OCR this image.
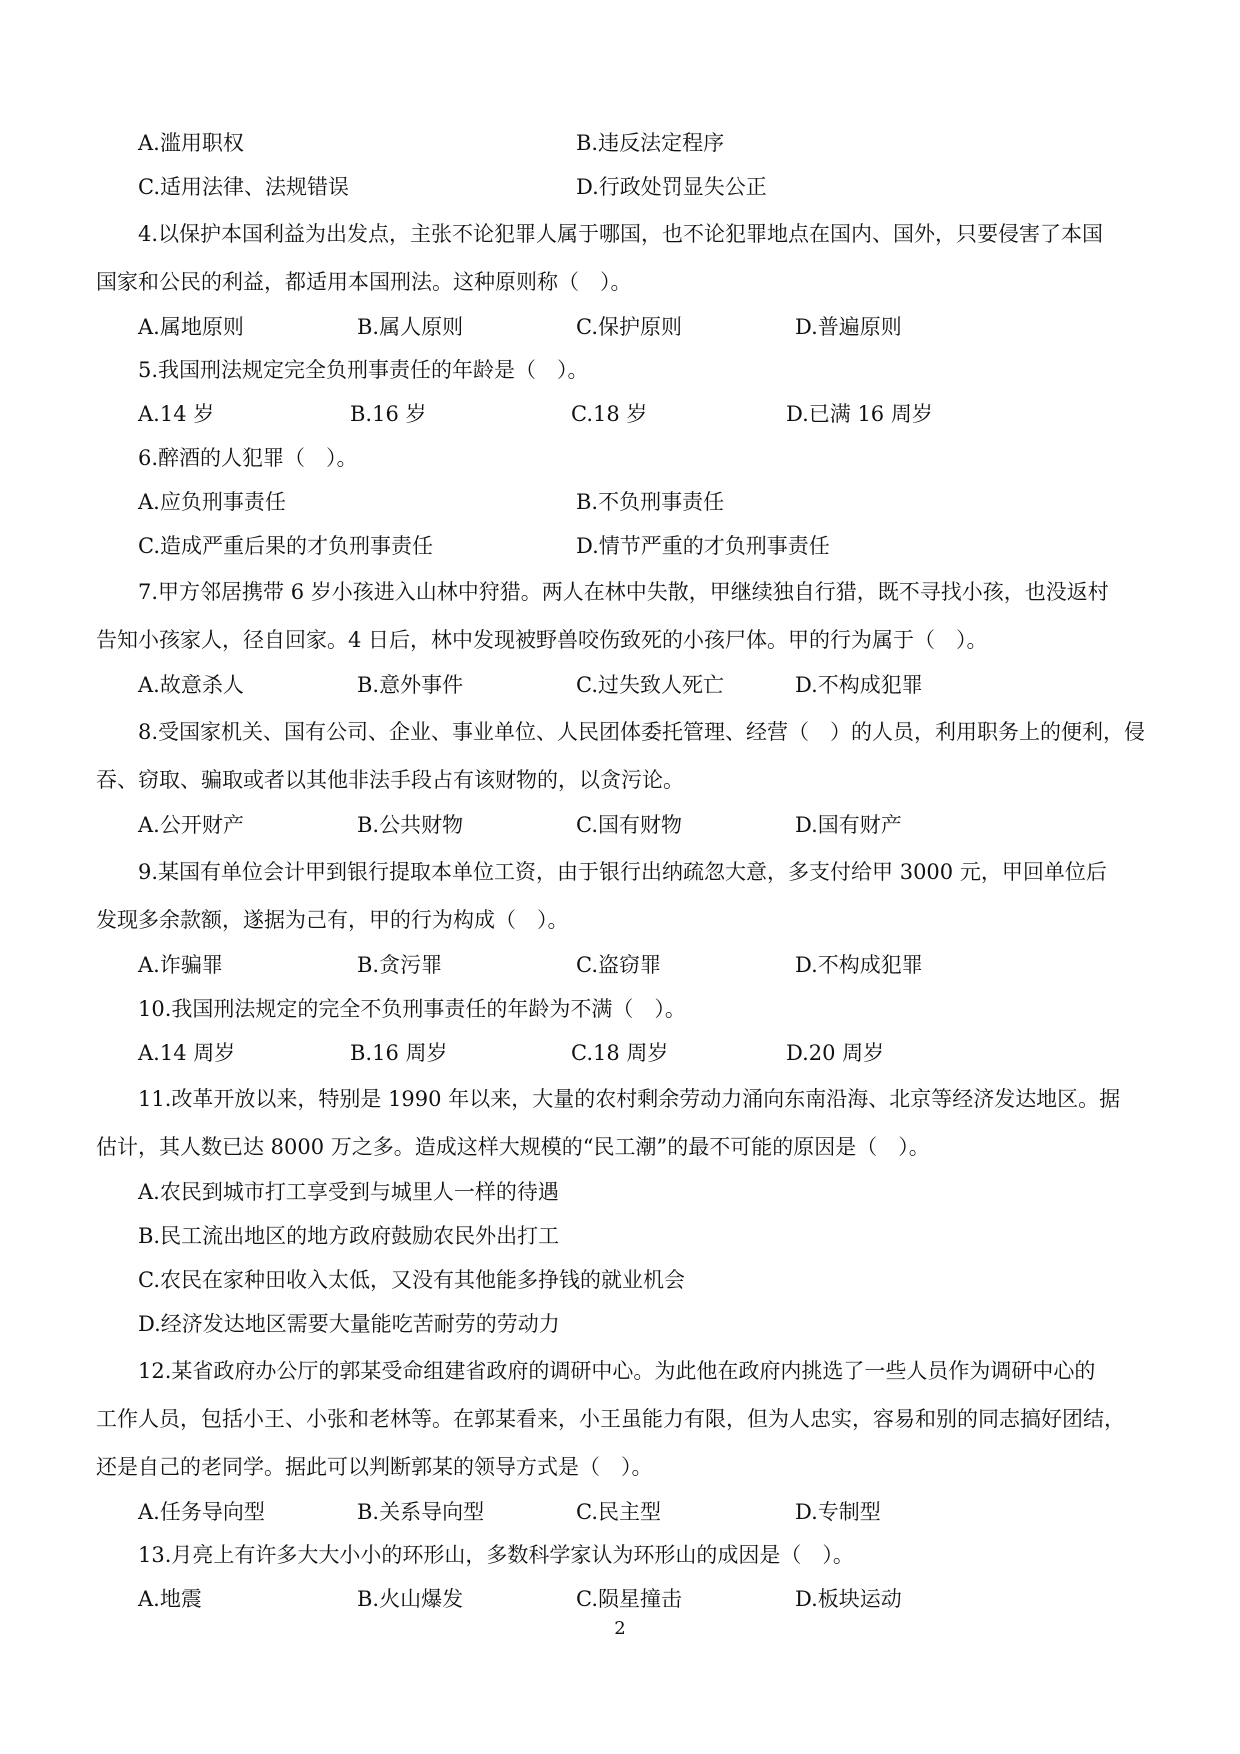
A.滥用职权	B.违反法定程序
C.适用法律、法规错误	D.行政处罚显失公正
4.以保护本国利益为出发点，主张不论犯罪人属于哪国，也不论犯罪地点在国内、国外，只要侵害了本国
国家和公民的利益，都适用本国刑法。这种原则称（　）。
A.属地原则	B.属人原则	C.保护原则	D.普遍原则
5.我国刑法规定完全负刑事责任的年龄是（　）。
A.14 岁	B.16 岁	C.18 岁	D.已满 16 周岁
6.醉酒的人犯罪（　）。
A.应负刑事责任	B.不负刑事责任
C.造成严重后果的才负刑事责任	D.情节严重的才负刑事责任
7.甲方邻居携带 6 岁小孩进入山林中狩猎。两人在林中失散，甲继续独自行猎，既不寻找小孩，也没返村
告知小孩家人，径自回家。4 日后，林中发现被野兽咬伤致死的小孩尸体。甲的行为属于（　）。
A.故意杀人	B.意外事件	C.过失致人死亡	D.不构成犯罪
8.受国家机关、国有公司、企业、事业单位、人民团体委托管理、经营（　）的人员，利用职务上的便利，侵
吞、窃取、骗取或者以其他非法手段占有该财物的，以贪污论。
A.公开财产	B.公共财物	C.国有财物	D.国有财产
9.某国有单位会计甲到银行提取本单位工资，由于银行出纳疏忽大意，多支付给甲 3000 元，甲回单位后
发现多余款额，遂据为己有，甲的行为构成（　）。
A.诈骗罪	B.贪污罪	C.盗窃罪	D.不构成犯罪
10.我国刑法规定的完全不负刑事责任的年龄为不满（　）。
A.14 周岁	B.16 周岁	C.18 周岁	D.20 周岁
11.改革开放以来，特别是 1990 年以来，大量的农村剩余劳动力涌向东南沿海、北京等经济发达地区。据
估计，其人数已达 8000 万之多。造成这样大规模的“民工潮”的最不可能的原因是（　）。
A.农民到城市打工享受到与城里人一样的待遇
B.民工流出地区的地方政府鼓励农民外出打工
C.农民在家种田收入太低，又没有其他能多挣钱的就业机会
D.经济发达地区需要大量能吃苦耐劳的劳动力
12.某省政府办公厅的郭某受命组建省政府的调研中心。为此他在政府内挑选了一些人员作为调研中心的
工作人员，包括小王、小张和老林等。在郭某看来，小王虽能力有限，但为人忠实，容易和别的同志搞好团结，
还是自己的老同学。据此可以判断郭某的领导方式是（　）。
A.任务导向型	B.关系导向型	C.民主型	D.专制型
13.月亮上有许多大大小小的环形山，多数科学家认为环形山的成因是（　）。
A.地震	B.火山爆发	C.陨星撞击	D.板块运动
2
